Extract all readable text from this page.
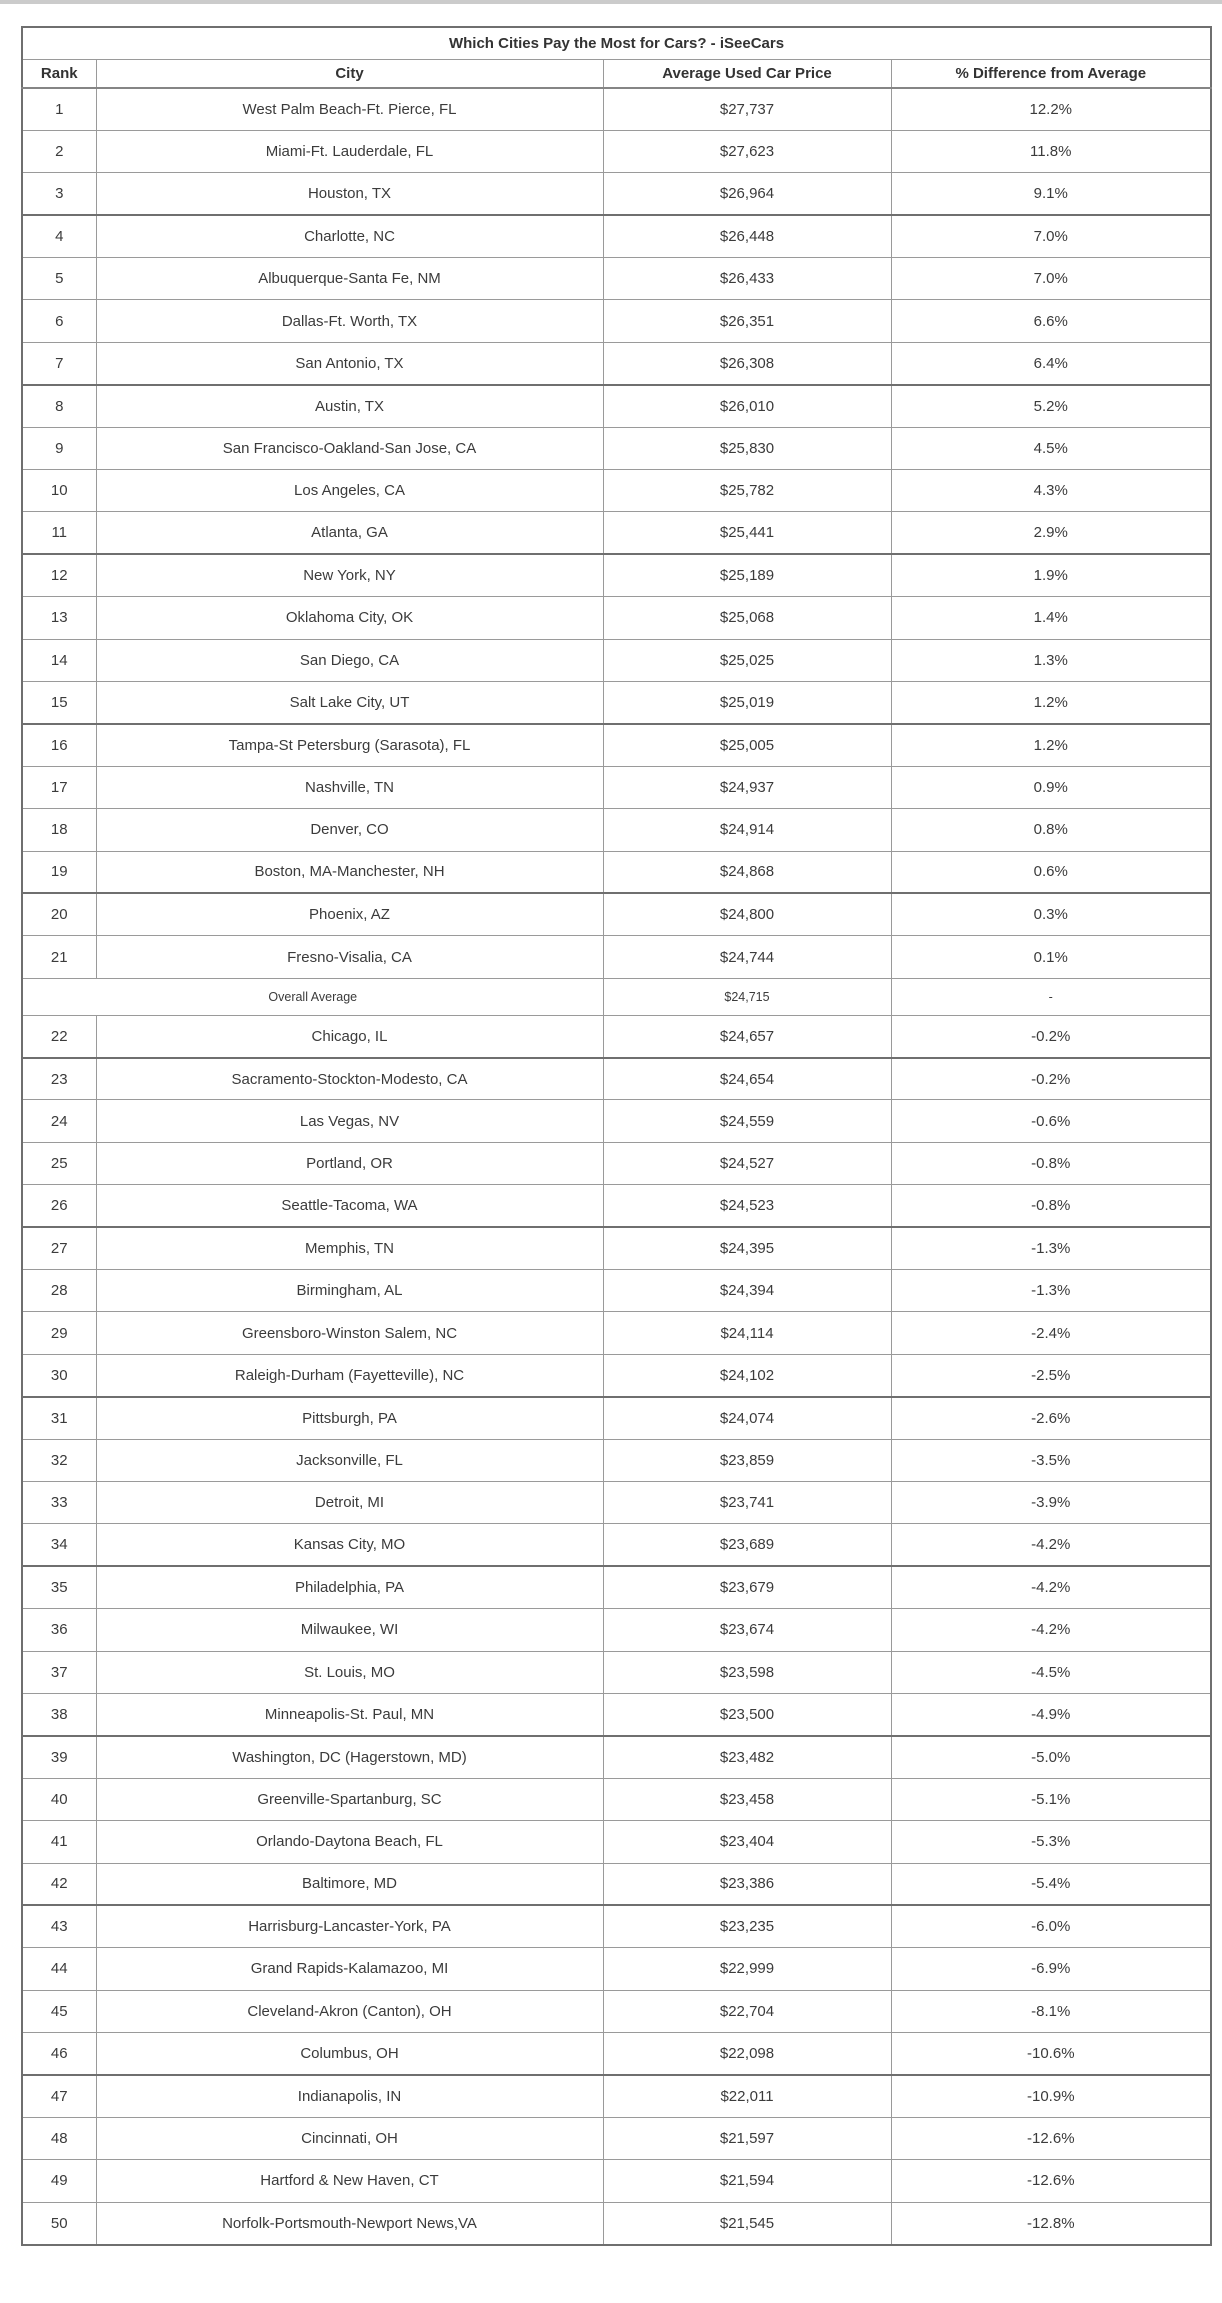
Which Cities Pay the Most for Cars? - iSeeCars			
Rank	City	Average Used Car Price	% Difference from Average
1	West Palm Beach-Ft. Pierce, FL	$27,737	12.2%
2	Miami-Ft. Lauderdale, FL	$27,623	11.8%
3	Houston, TX	$26,964	9.1%
4	Charlotte, NC	$26,448	7.0%
5	Albuquerque-Santa Fe, NM	$26,433	7.0%
6	Dallas-Ft. Worth, TX	$26,351	6.6%
7	San Antonio, TX	$26,308	6.4%
8	Austin, TX	$26,010	5.2%
9	San Francisco-Oakland-San Jose, CA	$25,830	4.5%
10	Los Angeles, CA	$25,782	4.3%
11	Atlanta, GA	$25,441	2.9%
12	New York, NY	$25,189	1.9%
13	Oklahoma City, OK	$25,068	1.4%
14	San Diego, CA	$25,025	1.3%
15	Salt Lake City, UT	$25,019	1.2%
16	Tampa-St Petersburg (Sarasota), FL	$25,005	1.2%
17	Nashville, TN	$24,937	0.9%
18	Denver, CO	$24,914	0.8%
19	Boston, MA-Manchester, NH	$24,868	0.6%
20	Phoenix, AZ	$24,800	0.3%
21	Fresno-Visalia, CA	$24,744	0.1%
Overall Average		$24,715	-
22	Chicago, IL	$24,657	-0.2%
23	Sacramento-Stockton-Modesto, CA	$24,654	-0.2%
24	Las Vegas, NV	$24,559	-0.6%
25	Portland, OR	$24,527	-0.8%
26	Seattle-Tacoma, WA	$24,523	-0.8%
27	Memphis, TN	$24,395	-1.3%
28	Birmingham, AL	$24,394	-1.3%
29	Greensboro-Winston Salem, NC	$24,114	-2.4%
30	Raleigh-Durham (Fayetteville), NC	$24,102	-2.5%
31	Pittsburgh, PA	$24,074	-2.6%
32	Jacksonville, FL	$23,859	-3.5%
33	Detroit, MI	$23,741	-3.9%
34	Kansas City, MO	$23,689	-4.2%
35	Philadelphia, PA	$23,679	-4.2%
36	Milwaukee, WI	$23,674	-4.2%
37	St. Louis, MO	$23,598	-4.5%
38	Minneapolis-St. Paul, MN	$23,500	-4.9%
39	Washington, DC (Hagerstown, MD)	$23,482	-5.0%
40	Greenville-Spartanburg, SC	$23,458	-5.1%
41	Orlando-Daytona Beach, FL	$23,404	-5.3%
42	Baltimore, MD	$23,386	-5.4%
43	Harrisburg-Lancaster-York, PA	$23,235	-6.0%
44	Grand Rapids-Kalamazoo, MI	$22,999	-6.9%
45	Cleveland-Akron (Canton), OH	$22,704	-8.1%
46	Columbus, OH	$22,098	-10.6%
47	Indianapolis, IN	$22,011	-10.9%
48	Cincinnati, OH	$21,597	-12.6%
49	Hartford & New Haven, CT	$21,594	-12.6%
50	Norfolk-Portsmouth-Newport News,VA	$21,545	-12.8%
